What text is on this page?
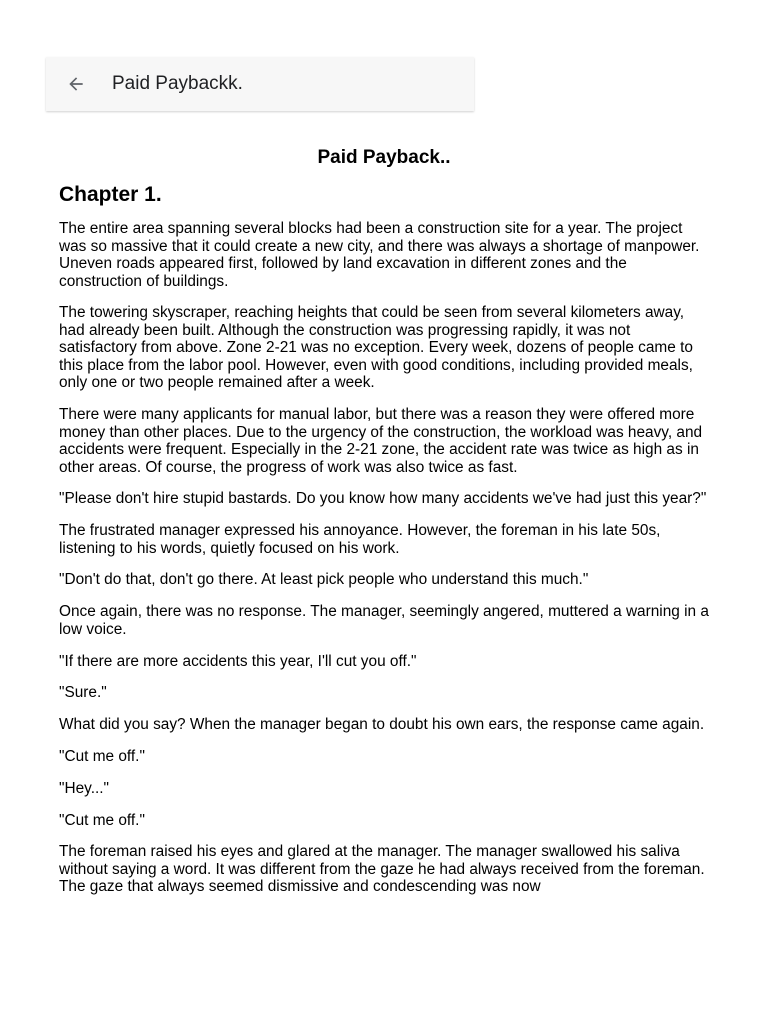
Paid Paybackk.
Paid Payback..
Chapter 1.

The entire area spanning several blocks had been a construction site for a year. The project was so massive that it could create a new city, and there was always a shortage of manpower. Uneven roads appeared first, followed by land excavation in different zones and the construction of buildings.

The towering skyscraper, reaching heights that could be seen from several kilometers away, had already been built. Although the construction was progressing rapidly, it was not satisfactory from above. Zone 2-21 was no exception. Every week, dozens of people came to this place from the labor pool. However, even with good conditions, including provided meals, only one or two people remained after a week.

There were many applicants for manual labor, but there was a reason they were offered more money than other places. Due to the urgency of the construction, the workload was heavy, and accidents were frequent. Especially in the 2-21 zone, the accident rate was twice as high as in other areas. Of course, the progress of work was also twice as fast.

"Please don't hire stupid bastards. Do you know how many accidents we've had just this year?"

The frustrated manager expressed his annoyance. However, the foreman in his late 50s, listening to his words, quietly focused on his work.

"Don't do that, don't go there. At least pick people who understand this much."

Once again, there was no response. The manager, seemingly angered, muttered a warning in a low voice.

"If there are more accidents this year, I'll cut you off."

"Sure."

What did you say? When the manager began to doubt his own ears, the response came again.

"Cut me off."

"Hey..."

"Cut me off."

The foreman raised his eyes and glared at the manager. The manager swallowed his saliva without saying a word. It was different from the gaze he had always received from the foreman. The gaze that always seemed dismissive and condescending was now
